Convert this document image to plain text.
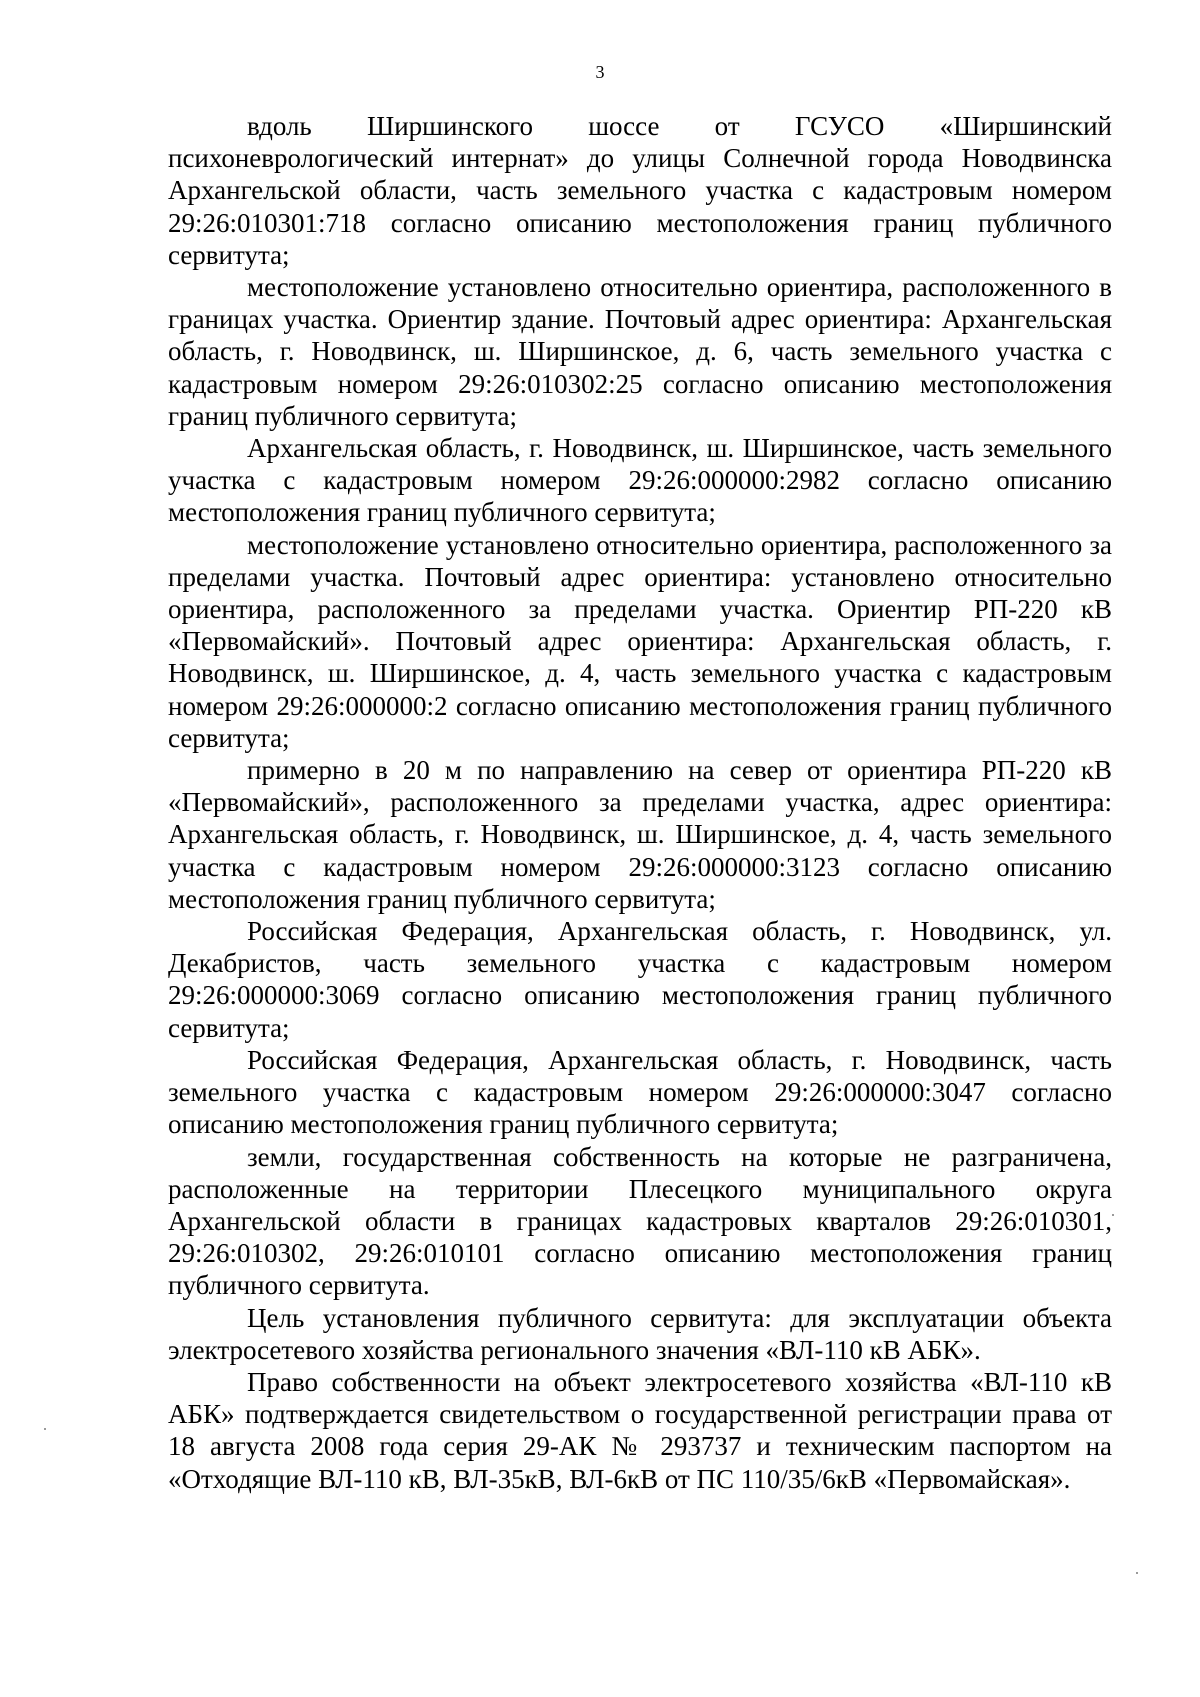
3

вдоль Ширшинского шоссе от ГСУСО «Ширшинский психоневрологический интернат» до улицы Солнечной города Новодвинска Архангельской области, часть земельного участка с кадастровым номером 29:26:010301:718 согласно описанию местоположения границ публичного сервитута;

местоположение установлено относительно ориентира, расположенного в границах участка. Ориентир здание. Почтовый адрес ориентира: Архангельская область, г. Новодвинск, ш. Ширшинское, д. 6, часть земельного участка с кадастровым номером 29:26:010302:25 согласно описанию местоположения границ публичного сервитута;

Архангельская область, г. Новодвинск, ш. Ширшинское, часть земельного участка с кадастровым номером 29:26:000000:2982 согласно описанию местоположения границ публичного сервитута;

местоположение установлено относительно ориентира, расположенного за пределами участка. Почтовый адрес ориентира: установлено относительно ориентира, расположенного за пределами участка. Ориентир РП-220 кВ «Первомайский». Почтовый адрес ориентира: Архангельская область, г. Новодвинск, ш. Ширшинское, д. 4, часть земельного участка с кадастровым номером 29:26:000000:2 согласно описанию местоположения границ публичного сервитута;

примерно в 20 м по направлению на север от ориентира РП-220 кВ «Первомайский», расположенного за пределами участка, адрес ориентира: Архангельская область, г. Новодвинск, ш. Ширшинское, д. 4, часть земельного участка с кадастровым номером 29:26:000000:3123 согласно описанию местоположения границ публичного сервитута;

Российская Федерация, Архангельская область, г. Новодвинск, ул. Декабристов, часть земельного участка с кадастровым номером 29:26:000000:3069 согласно описанию местоположения границ публичного сервитута;

Российская Федерация, Архангельская область, г. Новодвинск, часть земельного участка с кадастровым номером 29:26:000000:3047 согласно описанию местоположения границ публичного сервитута;

земли, государственная собственность на которые не разграничена, расположенные на территории Плесецкого муниципального округа Архангельской области в границах кадастровых кварталов 29:26:010301, 29:26:010302, 29:26:010101 согласно описанию местоположения границ публичного сервитута.

Цель установления публичного сервитута: для эксплуатации объекта электросетевого хозяйства регионального значения «ВЛ-110 кВ АБК».

Право собственности на объект электросетевого хозяйства «ВЛ-110 кВ АБК» подтверждается свидетельством о государственной регистрации права от 18 августа 2008 года серия 29-АК № 293737 и техническим паспортом на «Отходящие ВЛ-110 кВ, ВЛ-35кВ, ВЛ-6кВ от ПС 110/35/6кВ «Первомайская».
